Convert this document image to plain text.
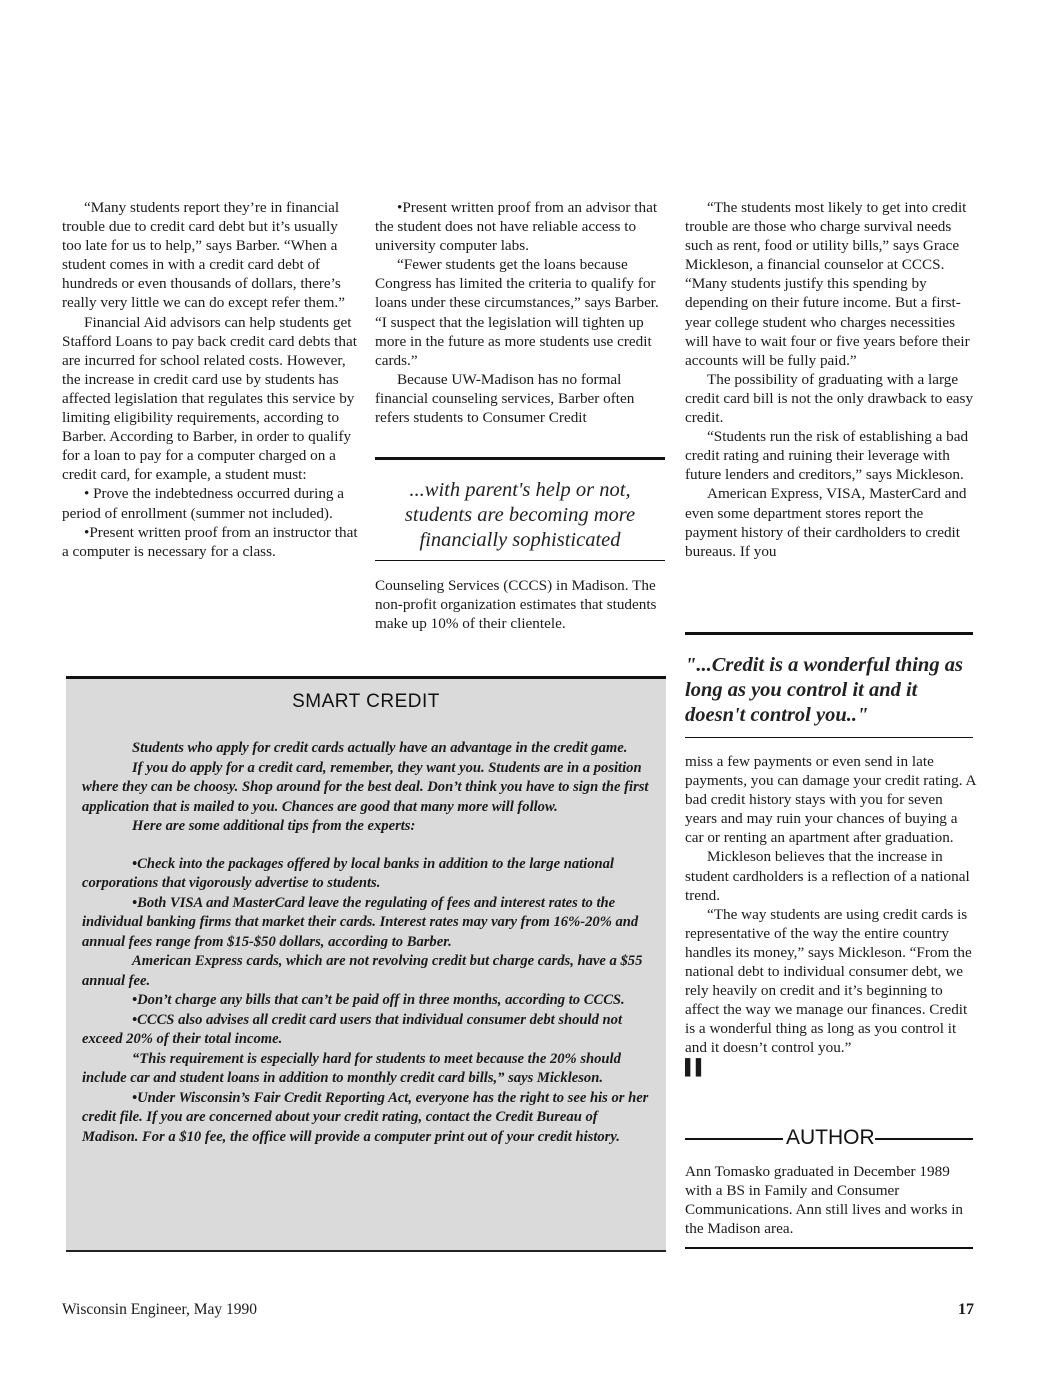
“Many students report they’re in financial trouble due to credit card debt but it’s usually too late for us to help,” says Barber. “When a student comes in with a credit card debt of hundreds or even thousands of dollars, there’s really very little we can do except refer them.”

Financial Aid advisors can help students get Stafford Loans to pay back credit card debts that are incurred for school related costs. However, the increase in credit card use by students has affected legislation that regulates this service by limiting eligibility requirements, according to Barber. According to Barber, in order to qualify for a loan to pay for a computer charged on a credit card, for example, a student must:

• Prove the indebtedness occurred during a period of enrollment (summer not included).

•Present written proof from an instructor that a computer is necessary for a class.

•Present written proof from an advisor that the student does not have reliable access to university computer labs.

“Fewer students get the loans because Congress has limited the criteria to qualify for loans under these circumstances,” says Barber. “I suspect that the legislation will tighten up more in the future as more students use credit cards.”

Because UW-Madison has no formal financial counseling services, Barber often refers students to Consumer Credit

...with parent's help or not, students are becoming more financially sophisticated

Counseling Services (CCCS) in Madison. The non-profit organization estimates that students make up 10% of their clientele.

“The students most likely to get into credit trouble are those who charge survival needs such as rent, food or utility bills,” says Grace Mickleson, a financial counselor at CCCS. “Many students justify this spending by depending on their future income. But a first-year college student who charges necessities will have to wait four or five years before their accounts will be fully paid.”

The possibility of graduating with a large credit card bill is not the only drawback to easy credit.

“Students run the risk of establishing a bad credit rating and ruining their leverage with future lenders and creditors,” says Mickleson.

American Express, VISA, MasterCard and even some department stores report the payment history of their cardholders to credit bureaus. If you

"...Credit is a wonderful thing as long as you control it and it doesn't control you.."

miss a few payments or even send in late payments, you can damage your credit rating. A bad credit history stays with you for seven years and may ruin your chances of buying a car or renting an apartment after graduation.

Mickleson believes that the increase in student cardholders is a reflection of a national trend.

“The way students are using credit cards is representative of the way the entire country handles its money,” says Mickleson. “From the national debt to individual consumer debt, we rely heavily on credit and it’s beginning to affect the way we manage our finances. Credit is a wonderful thing as long as you control it and it doesn’t control you.”

▌▌

SMART CREDIT

Students who apply for credit cards actually have an advantage in the credit game.

If you do apply for a credit card, remember, they want you. Students are in a position where they can be choosy. Shop around for the best deal. Don’t think you have to sign the first application that is mailed to you. Chances are good that many more will follow.

Here are some additional tips from the experts:

•Check into the packages offered by local banks in addition to the large national corporations that vigorously advertise to students.

•Both VISA and MasterCard leave the regulating of fees and interest rates to the individual banking firms that market their cards. Interest rates may vary from 16%-20% and annual fees range from $15-$50 dollars, according to Barber.

American Express cards, which are not revolving credit but charge cards, have a $55 annual fee.

•Don’t charge any bills that can’t be paid off in three months, according to CCCS.

•CCCS also advises all credit card users that individual consumer debt should not exceed 20% of their total income.

“This requirement is especially hard for students to meet because the 20% should include car and student loans in addition to monthly credit card bills,” says Mickleson.

•Under Wisconsin’s Fair Credit Reporting Act, everyone has the right to see his or her credit file. If you are concerned about your credit rating, contact the Credit Bureau of Madison. For a $10 fee, the office will provide a computer print out of your credit history.	AUTHOR
Ann Tomasko graduated in December 1989 with a BS in Family and Consumer Communications. Ann still lives and works in the Madison area.
Wisconsin Engineer, May 1990	17
